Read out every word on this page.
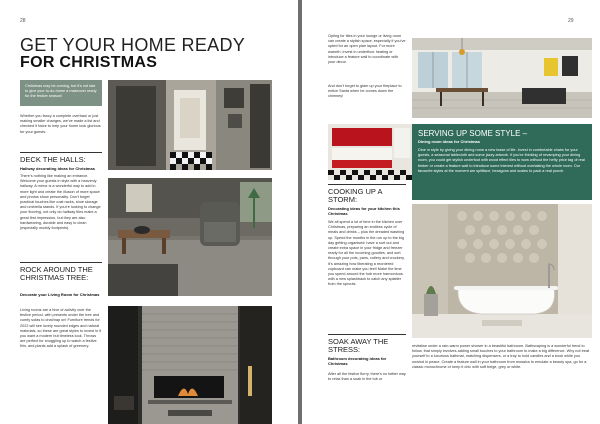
28
GET YOUR HOME READY
FOR CHRISTMAS
Christmas may be coming, but it’s not late to give your to-do-home a makeover ready for the festive season!
Whether you fancy a complete overhaul or just making smaller changes, we’ve made a list and checked it twice to help your home look glorious for your guests.
DECK THE HALLS:
Hallway decorating ideas for Christmas
There’s nothing like making an entrance. Welcome your guests in style with a heavenly hallway. A mirror is a wonderful way to add in more light and create the illusion of more space and photos show personality. Don’t forget practical touches like coat racks, shoe storage and umbrella stands. If you’re looking to change your flooring, not only do hallway tiles make a great first impression, but they are also hardwearing, durable and easy to clean (especially muddy footprints).
ROCK AROUND THE CHRISTMAS TREE:
Decorate your Living Room for Christmas
Living rooms are a hive of activity over the festive period, with presents under the tree and comfy sofas to chat/nap on! Furniture trends for 2022 will see lovely rounded edges and natural materials, so these are great styles to invest in if you want a modern but timeless look. Throws are perfect for snuggling up to watch a festive film, and plants add a splash of greenery.
29
Opting for tiles in your lounge or living room can create a stylish space, especially if you’ve opted for an open plan layout. For more warmth, invest in underfloor heating or introduce a feature wall to coordinate with your decor.
And don’t forget to glam up your fireplace to entice Santa when he comes down the chimney!
SERVING UP SOME STYLE –
Dining room ideas for Christmas
Dine in style by giving your dining room a new lease of life. Invest in comfortable chairs for your guests, a seasonal tablecloth and some jazzy artwork. If you’re thinking of revamping your dining room, you could get stylish underfoot with wood effect tiles to wow without the hefty price tag of real timber or create a feature wall to introduce some interest without overtaking the whole room. Our favourite styles at the moment are splitface, hexagons and scales to pack a real punch.
COOKING UP A STORM:
Decorating ideas for your kitchen this Christmas
We all spend a lot of time in the kitchen over Christmas, preparing an endless cycle of meals and drinks – plus the dreaded washing up. Spend the months in the run up to the big day getting organised: have a sort out and create extra space in your fridge and freezer ready for all the incoming goodies, and sort through your pots, pans, cutlery and crockery. It’s amazing how liberating a reordered cupboard can make you feel! Make the time you spend around the hob more harmonious with a new splashback to catch any splatter from the sprouts.
SOAK AWAY THE STRESS:
Bathroom decorating ideas for Christmas
After all the festive flurry, there’s no better way to relax than a soak in the tub or
revitalise under a rain-warm power shower in a beautiful bathroom. Bathscaping is a wonderful trend to follow, that simply involves adding small touches to your bathroom to make a big difference. Why not treat yourself to a luxurious bathmat, matching dispensers, or a tray to hold candles and a book while you unwind in peace. Create a feature wall in your bathroom from mosaics to emulate a beauty spa, go for a classic monochrome or keep it chic with soft beige, grey or white.
